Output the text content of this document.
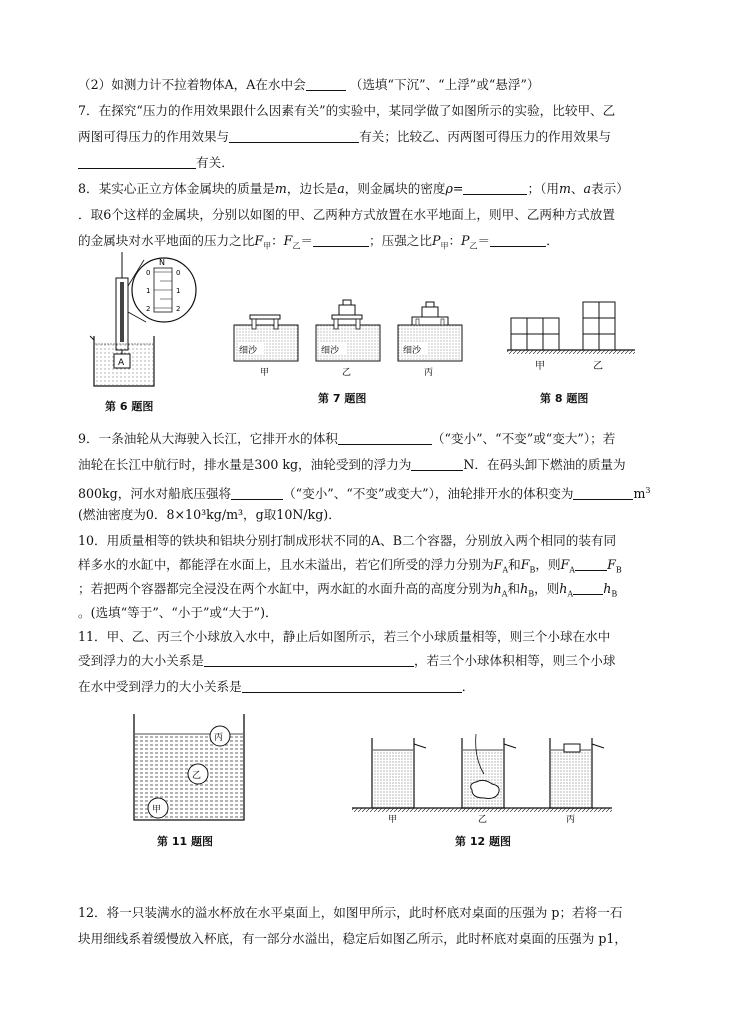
（2）如测力计不拉着物体A，A在水中会	（选填“下沉”、“上浮”或“悬浮”）
7．在探究“压力的作用效果跟什么因素有关”的实验中，某同学做了如图所示的实验，比较甲、乙
两图可得压力的作用效果与	有关；比较乙、丙两图可得压力的作用效果与
有关．
8．某实心正立方体金属块的质量是m，边长是a，则金属块的密度ρ=	；（用m、a表示）
．取6个这样的金属块，分别以如图的甲、乙两种方式放置在水平地面上，则甲、乙两种方式放置
的金属块对水平地面的压力之比$F_甲$：$F_乙=$	；压强之比$P_甲$：$P_乙=$	．
N
0
1
2
0
1
2
A
第 6 题图
细沙
甲
细沙
乙
细沙
丙
第 7 题图
甲	乙
第 8 题图
9．一条油轮从大海驶入长江，它排开水的体积	（“变小”、“不变”或“变大”）；若
油轮在长江中航行时，排水量是300 kg，油轮受到的浮力为	N．在码头卸下燃油的质量为
800kg，河水对船底压强将	（“变小”、“不变”或变大”），油轮排开水的体积变为	$m^3$
(燃油密度为0．8×10³kg/m³，g取10N/kg)．
10．用质量相等的铁块和铝块分别打制成形状不同的A、B二个容器，分别放入两个相同的装有同
样多水的水缸中，都能浮在水面上，且水未溢出，若它们所受的浮力分别为$F_A$和$F_B$，则$F_A$	$F_B$
；若把两个容器都完全浸没在两个水缸中，两水缸的水面升高的高度分别为$h_A$和$h_B$，则$h_A$ $h_B$
。(选填“等于”、“小于”或“大于”)．
11．甲、乙、丙三个小球放入水中，静止后如图所示，若三个小球质量相等，则三个小球在水中
受到浮力的大小关系是	，若三个小球体积相等，则三个小球
在水中受到浮力的大小关系是	．
丙
乙
甲
第 11 题图
甲	乙	丙
第 12 题图
12．将一只装满水的溢水杯放在水平桌面上，如图甲所示，此时杯底对桌面的压强为 p；若将一石
块用细线系着缓慢放入杯底，有一部分水溢出，稳定后如图乙所示，此时杯底对桌面的压强为 p1，
